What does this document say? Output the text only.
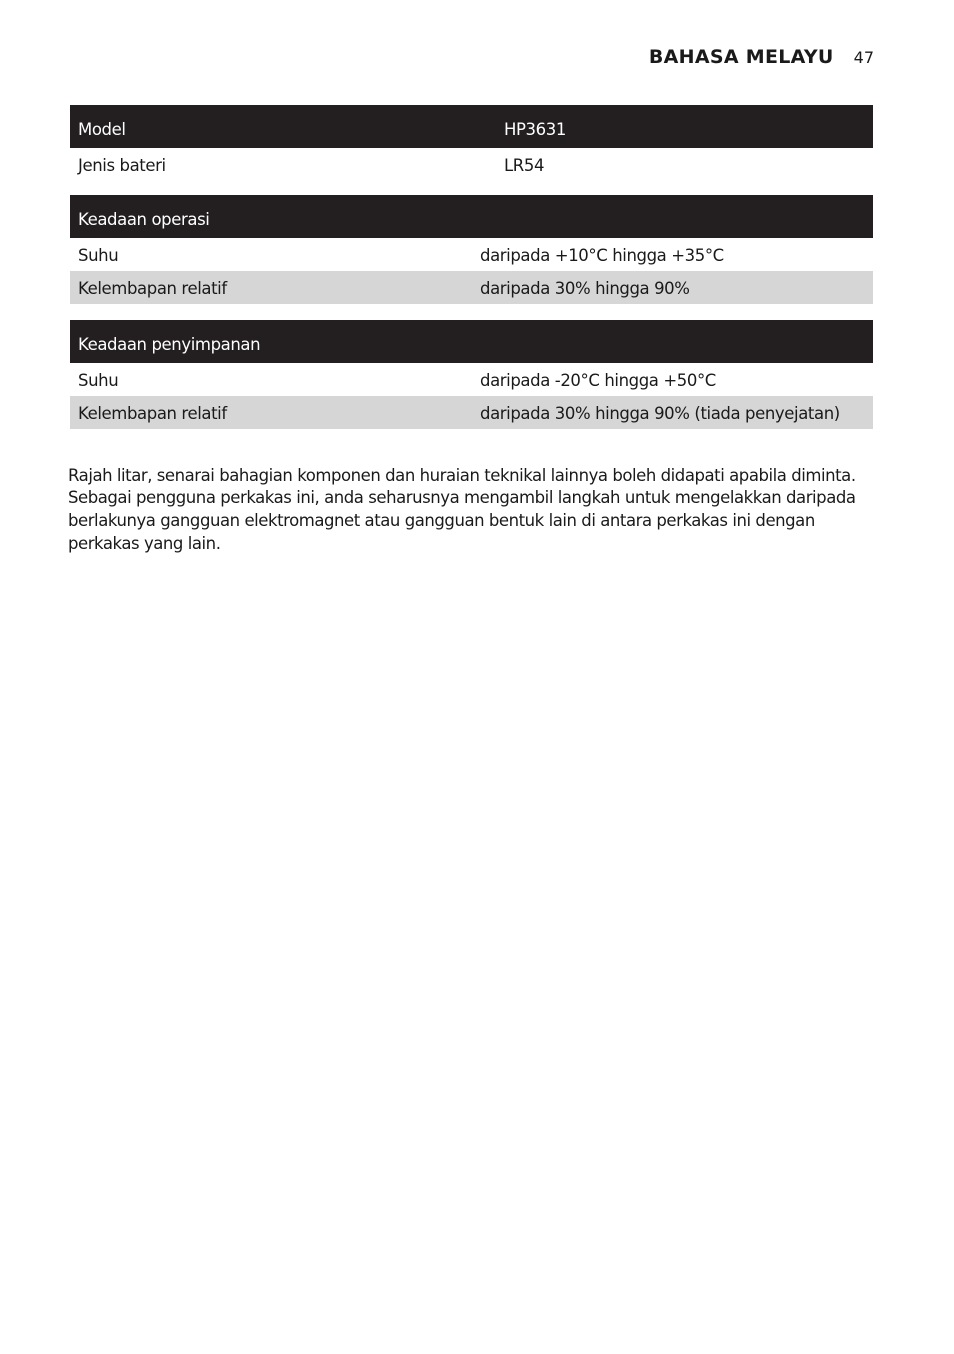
BAHASA MELAYU 47
Model	HP3631
Jenis bateri	LR54
Keadaan operasi
Suhu	daripada +10°C hingga +35°C
Kelembapan relatif	daripada 30% hingga 90%
Keadaan penyimpanan
Suhu	daripada -20°C hingga +50°C
Kelembapan relatif	daripada 30% hingga 90% (tiada penyejatan)

Rajah litar, senarai bahagian komponen dan huraian teknikal lainnya boleh didapati apabila diminta. Sebagai pengguna perkakas ini, anda seharusnya mengambil langkah untuk mengelakkan daripada berlakunya gangguan elektromagnet atau gangguan bentuk lain di antara perkakas ini dengan perkakas yang lain.
